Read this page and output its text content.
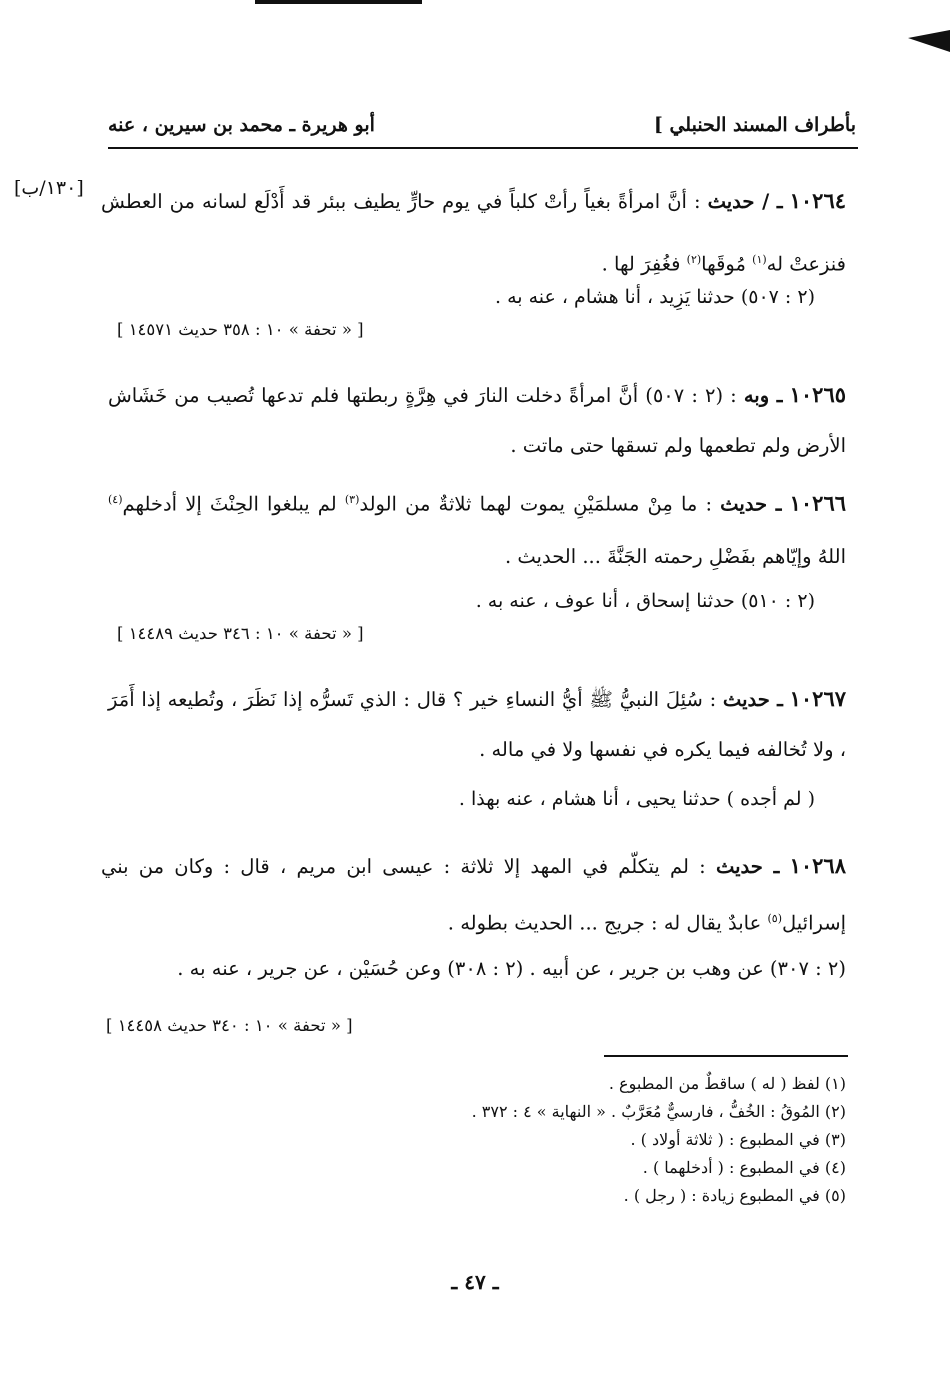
بأطراف المسند الحنبلي ]
أبو هريرة ـ محمد بن سيرين ، عنه
[١٣٠/ب]	١٠٢٦٤ ـ / حديث : أنَّ امرأةً بغياً رأتْ كلباً في يوم حارٍّ يطيف ببئر قد أَدْلَع لسانه من العطش فنزعتْ له$^{(١)}$ مُوقَها$^{(٢)}$ فغُفِرَ لها .
(٢ : ٥٠٧) حدثنا يَزِيد ، أنا هشام ، عنه به .
[ « تحفة » ١٠ : ٣٥٨ حديث ١٤٥٧١ ]
١٠٢٦٥ ـ وبه : (٢ : ٥٠٧) أنَّ امرأةً دخلت النارَ في هِرَّةٍ ربطتها فلم تدعها تُصيب من خَشَاش الأرض ولم تطعمها ولم تسقها حتى ماتت .
١٠٢٦٦ ـ حديث : ما مِنْ مسلمَيْنِ يموت لهما ثلاثةٌ من الولد$^{(٣)}$ لم يبلغوا الحِنْثَ إلا أدخلهم$^{(٤)}$ اللهُ وإيّاهم بفَضْلِ رحمته الجَنَّةَ ... الحديث .
(٢ : ٥١٠) حدثنا إسحاق ، أنا عوف ، عنه به .
[ « تحفة » ١٠ : ٣٤٦ حديث ١٤٤٨٩ ]
١٠٢٦٧ ـ حديث : سُئِلَ النبيُّ ﷺ أيُّ النساءِ خير ؟ قال : الذي تَسرُّه إذا نَظَرَ ، وتُطيعه إذا أَمَرَ ، ولا تُخالفه فيما يكره في نفسها ولا في ماله .
( لم أجده ) حدثنا يحيى ، أنا هشام ، عنه بهذا .
١٠٢٦٨ ـ حديث : لم يتكلّم في المهد إلا ثلاثة : عيسى ابن مريم ، قال : وكان من بني إسرائيل$^{(٥)}$ عابدٌ يقال له : جريج ... الحديث بطوله .
(٢ : ٣٠٧) عن وهب بن جرير ، عن أبيه . (٢ : ٣٠٨) وعن حُسَيْن ، عن جرير ، عنه به .
[ « تحفة » ١٠ : ٣٤٠ حديث ١٤٤٥٨ ]
(١) لفظ ( له ) ساقطٌ من المطبوع .
(٢) المُوقُ : الخُفُّ ، فارسيٌّ مُعَرَّبٌ . « النهاية » ٤ : ٣٧٢ .
(٣) في المطبوع : ( ثلاثة أولاد ) .
(٤) في المطبوع : ( أدخلهما ) .
(٥) في المطبوع زيادة : ( رجل ) .
ـ ٤٧ ـ
